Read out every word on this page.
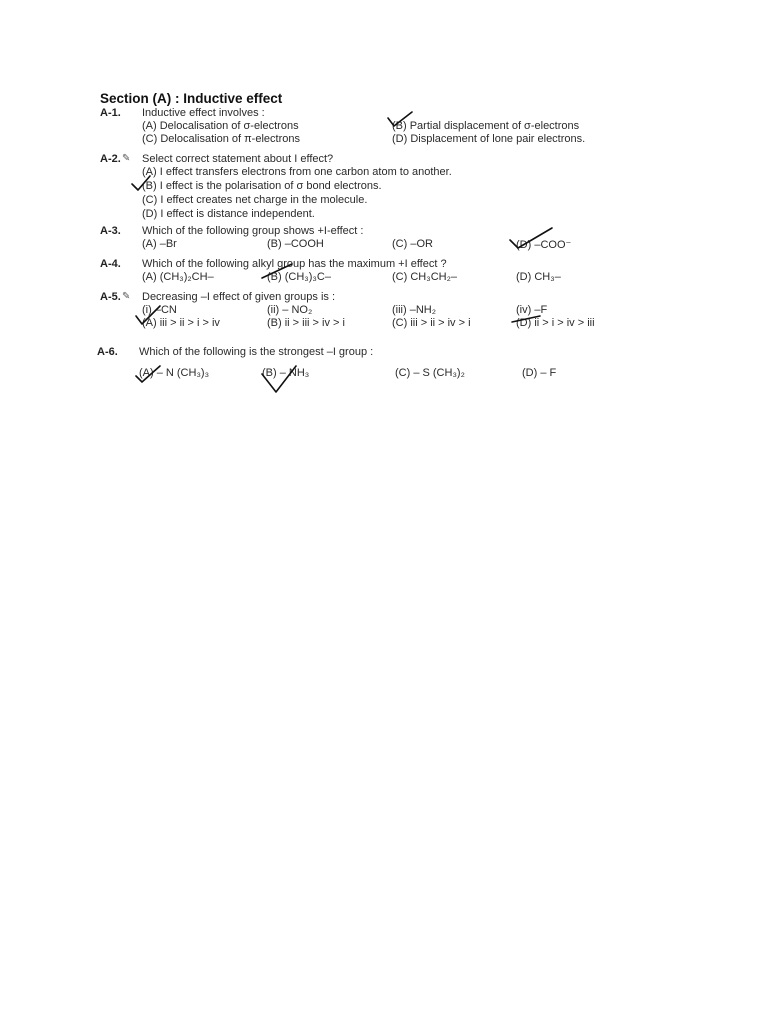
Section (A) : Inductive effect
A-1. Inductive effect involves :
(A) Delocalisation of σ-electrons	(B) Partial displacement of σ-electrons
(C) Delocalisation of π-electrons	(D) Displacement of lone pair electrons.
A-2. ✎ Select correct statement about I effect?
(A) I effect transfers electrons from one carbon atom to another.
(B) I effect is the polarisation of σ bond electrons.
(C) I effect creates net charge in the molecule.
(D) I effect is distance independent.
A-3. Which of the following group shows +I-effect :
(A) –Br	(B) –COOH	(C) –OR	(D) –COO⁻
A-4. Which of the following alkyl group has the maximum +I effect ?
(A) (CH₃)₂CH–	(B) (CH₃)₃C–	(C) CH₃CH₂–	(D) CH₃–
A-5. ✎ Decreasing –I effect of given groups is :
(i) –CN	(ii) – NO₂	(iii) –NH₂	(iv) –F
(A) iii > ii > i > iv	(B) ii > iii > iv > i	(C) iii > ii > iv > i	(D) ii > i > iv > iii
A-6. Which of the following is the strongest –I group :
(A) – N (CH₃)₃	(B) – NH₃	(C) – S (CH₃)₂	(D) – F
